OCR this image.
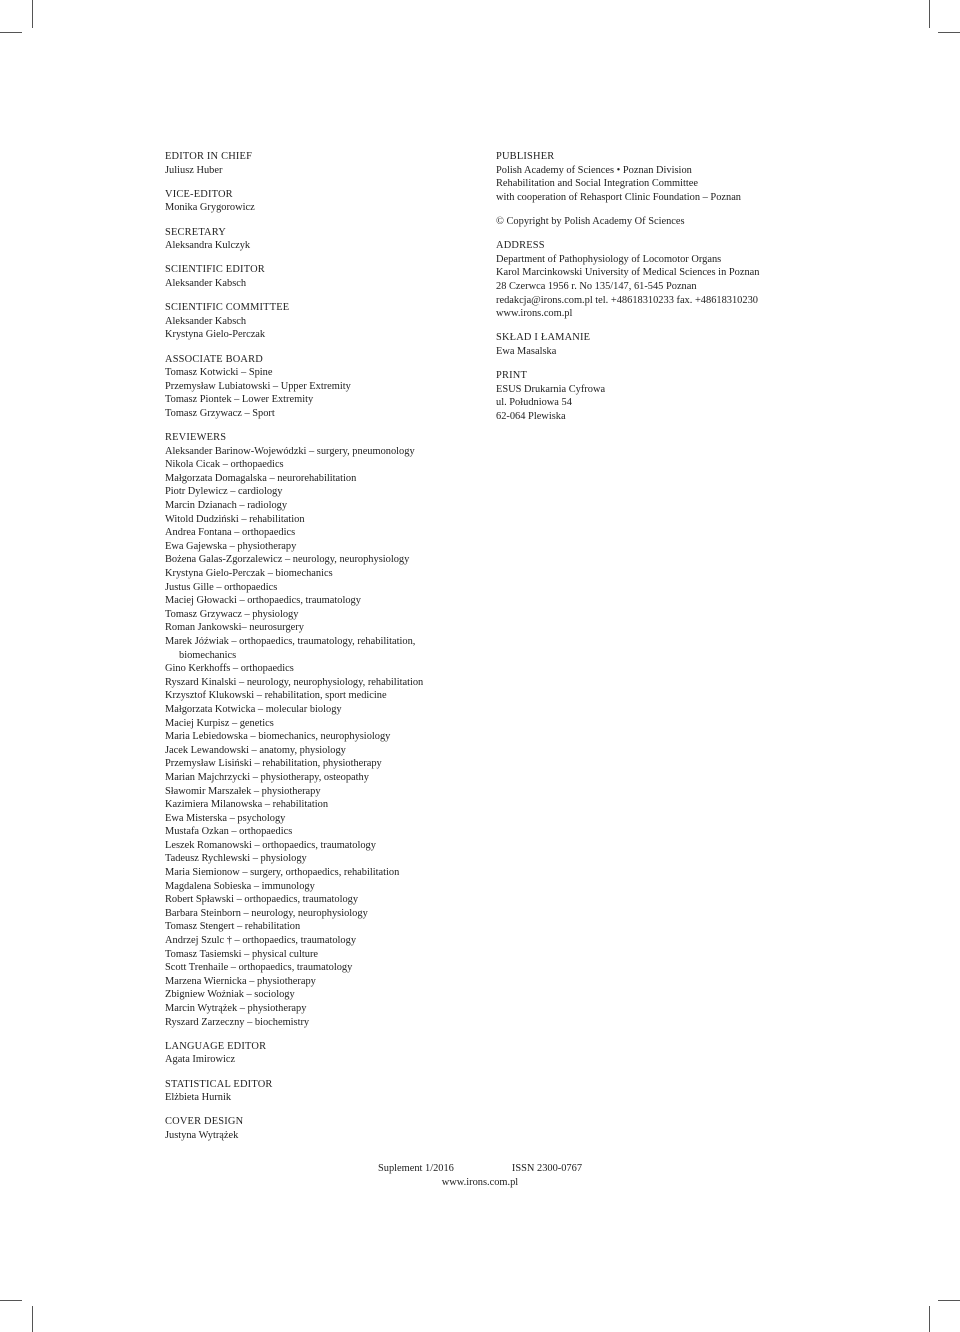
EDITOR IN CHIEF
Juliusz Huber
VICE-EDITOR
Monika Grygorowicz
SECRETARY
Aleksandra Kulczyk
SCIENTIFIC EDITOR
Aleksander Kabsch
SCIENTIFIC COMMITTEE
Aleksander Kabsch
Krystyna Gielo-Perczak
ASSOCIATE BOARD
Tomasz Kotwicki – Spine
Przemysław Lubiatowski – Upper Extremity
Tomasz Piontek – Lower Extremity
Tomasz Grzywacz – Sport
REVIEWERS
Aleksander Barinow-Wojewódzki – surgery, pneumonology
Nikola Cicak – orthopaedics
Małgorzata Domagalska – neurorehabilitation
Piotr Dylewicz – cardiology
Marcin Dzianach – radiology
Witold Dudziński – rehabilitation
Andrea Fontana – orthopaedics
Ewa Gajewska – physiotherapy
Bożena Galas-Zgorzalewicz – neurology, neurophysiology
Krystyna Gielo-Perczak – biomechanics
Justus Gille – orthopaedics
Maciej Głowacki – orthopaedics, traumatology
Tomasz Grzywacz – physiology
Roman Jankowski– neurosurgery
Marek Jóźwiak – orthopaedics, traumatology, rehabilitation,
biomechanics
Gino Kerkhoffs – orthopaedics
Ryszard Kinalski – neurology, neurophysiology, rehabilitation
Krzysztof Klukowski – rehabilitation, sport medicine
Małgorzata Kotwicka – molecular biology
Maciej Kurpisz – genetics
Maria Lebiedowska – biomechanics, neurophysiology
Jacek Lewandowski – anatomy, physiology
Przemysław Lisiński – rehabilitation, physiotherapy
Marian Majchrzycki – physiotherapy, osteopathy
Sławomir Marszałek – physiotherapy
Kazimiera Milanowska – rehabilitation
Ewa Misterska – psychology
Mustafa Ozkan – orthopaedics
Leszek Romanowski – orthopaedics, traumatology
Tadeusz Rychlewski – physiology
Maria Siemionow – surgery, orthopaedics, rehabilitation
Magdalena Sobieska – immunology
Robert Spławski – orthopaedics, traumatology
Barbara Steinborn – neurology, neurophysiology
Tomasz Stengert – rehabilitation
Andrzej Szulc † – orthopaedics, traumatology
Tomasz Tasiemski – physical culture
Scott Trenhaile – orthopaedics, traumatology
Marzena Wiernicka – physiotherapy
Zbigniew Woźniak – sociology
Marcin Wytrążek – physiotherapy
Ryszard Zarzeczny – biochemistry
LANGUAGE EDITOR
Agata Imirowicz
STATISTICAL EDITOR
Elżbieta Hurnik
COVER DESIGN
Justyna Wytrążek
PUBLISHER
Polish Academy of Sciences • Poznan Division
Rehabilitation and Social Integration Committee
with cooperation of Rehasport Clinic Foundation – Poznan
© Copyright by Polish Academy Of Sciences
ADDRESS
Department of Pathophysiology of Locomotor Organs
Karol Marcinkowski University of Medical Sciences in Poznan
28 Czerwca 1956 r. No 135/147, 61-545 Poznan
redakcja@irons.com.pl tel. +48618310233 fax. +48618310230
www.irons.com.pl
SKŁAD I ŁAMANIE
Ewa Masalska
PRINT
ESUS Drukarnia Cyfrowa
ul. Południowa 54
62-064 Plewiska
Suplement 1/2016	ISSN 2300-0767
www.irons.com.pl
